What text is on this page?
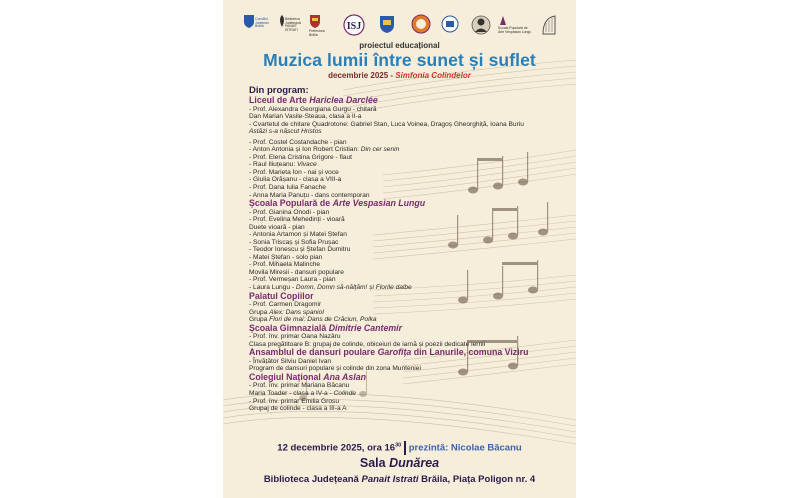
Consiliul Județean Brăila
Biblioteca Județeană PANAIT ISTRATI	Prefectura Brăila
ISJ	Școala Populară de Arte Vespasian Lungu
proiectul educațional
Muzica lumii între sunet și suflet
decembrie 2025 - Simfonia Colindelor
Din program:
Liceul de Arte Hariclea Darclée
- Prof. Alexandra Georgiana Gurgu - chitară
Dan Marian Vasile-Steaua, clasa a II-a
- Cvartetul de chitare Quadrotone: Gabriel Stan, Luca Voinea, Dragoș Gheorghiță, Ioana Buriu
Astăzi s-a născut Hristos
- Prof. Costel Costandache - pian
- Anton Antonia și Ion Robert Cristian: Din cer senin
- Prof. Elena Cristina Grigore - flaut
- Raul Iliuțeanu: Vivace
- Prof. Marieta Ion - nai și voce
- Giulia Orășanu - clasa a VIII-a
- Prof. Dana Iulia Fanache
- Anna Maria Panuțu - dans contemporan
Școala Populară de Arte Vespasian Lungu
- Prof. Gianina Onodi - pian
- Prof. Evelina Mehedinți - vioară
Duete vioară - pian
- Antonia Artamon și Matei Ștefan
- Sonia Triscaș și Sofia Prușac
- Teodor Ionescu și Ștefan Dumitru
- Matei Ștefan - solo pian
- Prof. Mihaela Malinche
Movila Miresii - dansuri populare
- Prof. Vermeșan Laura - pian
- Laura Lungu - Domn, Domn să-nălțăm! și Florile dalbe
Palatul Copiilor
- Prof. Carmen Dragomir
Grupa Alex: Dans spaniol
Grupa Flori de mai: Dans de Crăciun, Polka
Școala Gimnazială Dimitrie Cantemir
- Prof. înv. primar Oana Nazâru
Clasa pregătitoare B: grupaj de colinde, obiceiuri de iarnă și poezii dedicate iernii
Ansamblul de dansuri poulare Garofița din Lanurile, comuna Viziru
- Învățător Silviu Daniel Ivan
Program de dansuri populare și colinde din zona Munteniei
Colegiul Național Ana Aslan
- Prof. înv. primar Mariana Băcanu
Maria Toader - clasa a IV-a - Colinde
- Prof. înv. primar Emilia Grosu
Grupaj de colinde - clasa a III-a A
12 decembrie 2025, ora $16^{30}$ prezintă: Nicolae Băcanu
Sala Dunărea
Biblioteca Județeană Panait Istrati Brăila, Piața Poligon nr. 4
